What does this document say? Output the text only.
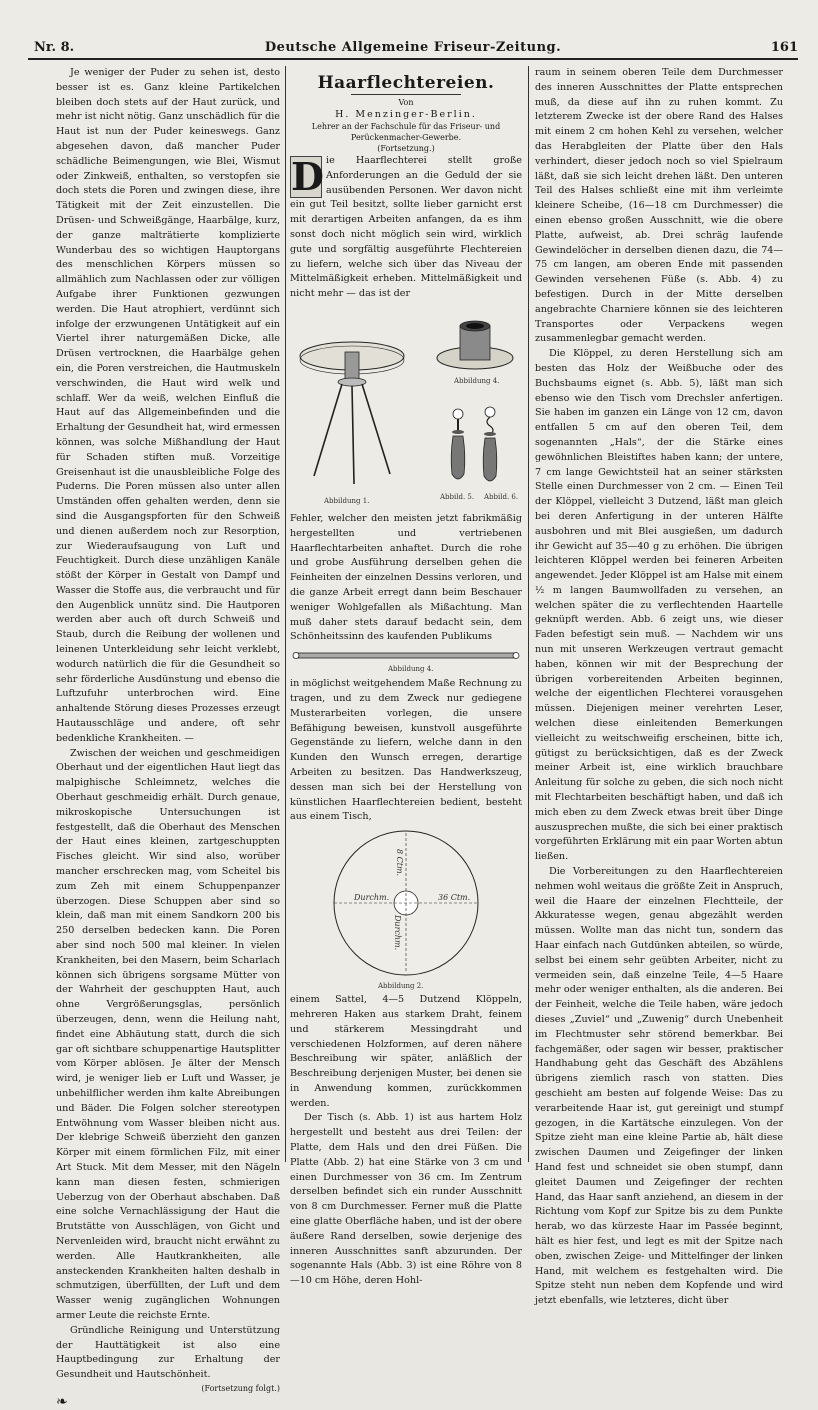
Nr. 8.	Deutsche Allgemeine Friseur-Zeitung.	161

Je weniger der Puder zu sehen ist, desto besser ist es. Ganz kleine Partikelchen bleiben doch stets auf der Haut zurück, und mehr ist nicht nötig. Ganz unschädlich für die Haut ist nun der Puder keineswegs. Ganz abgesehen davon, daß mancher Puder schädliche Beimengungen, wie Blei, Wismut oder Zinkweiß, enthalten, so verstopfen sie doch stets die Poren und zwingen diese, ihre Tätigkeit mit der Zeit einzustellen. Die Drüsen- und Schweißgänge, Haarbälge, kurz, der ganze malträtierte komplizierte Wunderbau des so wichtigen Hauptorgans des menschlichen Körpers müssen so allmählich zum Nachlassen oder zur völligen Aufgabe ihrer Funktionen gezwungen werden. Die Haut atrophiert, verdünnt sich infolge der erzwungenen Untätigkeit auf ein Viertel ihrer naturgemäßen Dicke, alle Drüsen vertrocknen, die Haarbälge gehen ein, die Poren verstreichen, die Hautmuskeln verschwinden, die Haut wird welk und schlaff. Wer da weiß, welchen Einfluß die Haut auf das Allgemeinbefinden und die Erhaltung der Gesundheit hat, wird ermessen können, was solche Mißhandlung der Haut für Schaden stiften muß. Vorzeitige Greisenhaut ist die unausbleibliche Folge des Puderns. Die Poren müssen also unter allen Umständen offen gehalten werden, denn sie sind die Ausgangspforten für den Schweiß und dienen außerdem noch zur Resorption, zur Wiederaufsaugung von Luft und Feuchtigkeit. Durch diese unzähligen Kanäle stößt der Körper in Gestalt von Dampf und Wasser die Stoffe aus, die verbraucht und für den Augenblick unnütz sind. Die Hautporen werden aber auch oft durch Schweiß und Staub, durch die Reibung der wollenen und leinenen Unterkleidung sehr leicht verklebt, wodurch natürlich die für die Gesundheit so sehr förderliche Ausdünstung und ebenso die Luftzufuhr unterbrochen wird. Eine anhaltende Störung dieses Prozesses erzeugt Hautausschläge und andere, oft sehr bedenkliche Krankheiten. —

Zwischen der weichen und geschmeidigen Oberhaut und der eigentlichen Haut liegt das malpighische Schleimnetz, welches die Oberhaut geschmeidig erhält. Durch genaue, mikroskopische Untersuchungen ist festgestellt, daß die Oberhaut des Menschen der Haut eines kleinen, zartgeschuppten Fisches gleicht. Wir sind also, worüber mancher erschrecken mag, vom Scheitel bis zum Zeh mit einem Schuppenpanzer überzogen. Diese Schuppen aber sind so klein, daß man mit einem Sandkorn 200 bis 250 derselben bedecken kann. Die Poren aber sind noch 500 mal kleiner. In vielen Krankheiten, bei den Masern, beim Scharlach können sich übrigens sorgsame Mütter von der Wahrheit der geschuppten Haut, auch ohne Vergrößerungsglas, persönlich überzeugen, denn, wenn die Heilung naht, findet eine Abhäutung statt, durch die sich gar oft sichtbare schuppenartige Hautsplitter vom Körper ablösen. Je älter der Mensch wird, je weniger lieb er Luft und Wasser, je unbehilflicher werden ihm kalte Abreibungen und Bäder. Die Folgen solcher stereotypen Entwöhnung vom Wasser bleiben nicht aus. Der klebrige Schweiß überzieht den ganzen Körper mit einem förmlichen Filz, mit einer Art Stuck. Mit dem Messer, mit den Nägeln kann man diesen festen, schmierigen Ueberzug von der Oberhaut abschaben. Daß eine solche Vernachlässigung der Haut die Brutstätte von Ausschlägen, von Gicht und Nervenleiden wird, braucht nicht erwähnt zu werden. Alle Hautkrankheiten, alle ansteckenden Krankheiten halten deshalb in schmutzigen, überfüllten, der Luft und dem Wasser wenig zugänglichen Wohnungen armer Leute die reichste Ernte.

Gründliche Reinigung und Unterstützung der Hauttätigkeit ist also eine Hauptbedingung zur Erhaltung der Gesundheit und Hautschönheit.

(Fortsetzung folgt.)

❧

Haarflechtereien.

Von

H. Menzinger-Berlin.

Lehrer an der Fachschule für das Friseur- und Perückenmacher-Gewerbe.

(Fortsetzung.)

D ie Haarflechterei stellt große Anforderungen an die Geduld der sie ausübenden Personen. Wer davon nicht ein gut Teil besitzt, sollte lieber garnicht erst mit derartigen Arbeiten anfangen, da es ihm sonst doch nicht möglich sein wird, wirklich gute und sorgfältig ausgeführte Flechtereien zu liefern, welche sich über das Niveau der Mittelmäßigkeit erheben. Mittelmäßigkeit und nicht mehr — das ist der

Abbildung 1.
Abbildung 4.
Abbild. 5. Abbild. 6.

Fehler, welcher den meisten jetzt fabrikmäßig hergestellten und vertriebenen Haarflechtarbeiten anhaftet. Durch die rohe und grobe Ausführung derselben gehen die Feinheiten der einzelnen Dessins verloren, und die ganze Arbeit erregt dann beim Beschauer weniger Wohlgefallen als Mißachtung. Man muß daher stets darauf bedacht sein, dem Schönheitssinn des kaufenden Publikums

Abbildung 4.

in möglichst weitgehendem Maße Rechnung zu tragen, und zu dem Zweck nur gediegene Musterarbeiten vorlegen, die unsere Befähigung beweisen, kunstvoll ausgeführte Gegenstände zu liefern, welche dann in den Kunden den Wunsch erregen, derartige Arbeiten zu besitzen. Das Handwerkszeug, dessen man sich bei der Herstellung von künstlichen Haarflechtereien bedient, besteht aus einem Tisch,

Durchm.	36 Ctm.
8 Ctm.
Durchm.
Abbildung 2.

einem Sattel, 4—5 Dutzend Klöppeln, mehreren Haken aus starkem Draht, feinem und stärkerem Messingdraht und verschiedenen Holzformen, auf deren nähere Beschreibung wir später, anläßlich der Beschreibung derjenigen Muster, bei denen sie in Anwendung kommen, zurückkommen werden.

Der Tisch (s. Abb. 1) ist aus hartem Holz hergestellt und besteht aus drei Teilen: der Platte, dem Hals und den drei Füßen. Die Platte (Abb. 2) hat eine Stärke von 3 cm und einen Durchmesser von 36 cm. Im Zentrum derselben befindet sich ein runder Ausschnitt von 8 cm Durchmesser. Ferner muß die Platte eine glatte Oberfläche haben, und ist der obere äußere Rand derselben, sowie derjenige des inneren Ausschnittes sanft abzurunden. Der sogenannte Hals (Abb. 3) ist eine Röhre von 8—10 cm Höhe, deren Hohl-

raum in seinem oberen Teile dem Durchmesser des inneren Ausschnittes der Platte entsprechen muß, da diese auf ihn zu ruhen kommt. Zu letzterem Zwecke ist der obere Rand des Halses mit einem 2 cm hohen Kehl zu versehen, welcher das Herabgleiten der Platte über den Hals verhindert, dieser jedoch noch so viel Spielraum läßt, daß sie sich leicht drehen läßt. Den unteren Teil des Halses schließt eine mit ihm verleimte kleinere Scheibe, (16—18 cm Durchmesser) die einen ebenso großen Ausschnitt, wie die obere Platte, aufweist, ab. Drei schräg laufende Gewindelöcher in derselben dienen dazu, die 74—75 cm langen, am oberen Ende mit passenden Gewinden versehenen Füße (s. Abb. 4) zu befestigen. Durch in der Mitte derselben angebrachte Charniere können sie des leichteren Transportes oder Verpackens wegen zusammenlegbar gemacht werden.

Die Klöppel, zu deren Herstellung sich am besten das Holz der Weißbuche oder des Buchsbaums eignet (s. Abb. 5), läßt man sich ebenso wie den Tisch vom Drechsler anfertigen. Sie haben im ganzen ein Länge von 12 cm, davon entfallen 5 cm auf den oberen Teil, dem sogenannten „Hals“, der die Stärke eines gewöhnlichen Bleistiftes haben kann; der untere, 7 cm lange Gewichtsteil hat an seiner stärksten Stelle einen Durchmesser von 2 cm. — Einen Teil der Klöppel, vielleicht 3 Dutzend, läßt man gleich bei deren Anfertigung in der unteren Hälfte ausbohren und mit Blei ausgießen, um dadurch ihr Gewicht auf 35—40 g zu erhöhen. Die übrigen leichteren Klöppel werden bei feineren Arbeiten angewendet. Jeder Klöppel ist am Halse mit einem ½ m langen Baumwollfaden zu versehen, an welchen später die zu verflechtenden Haartelle geknüpft werden. Abb. 6 zeigt uns, wie dieser Faden befestigt sein muß. — Nachdem wir uns nun mit unseren Werkzeugen vertraut gemacht haben, können wir mit der Besprechung der übrigen vorbereitenden Arbeiten beginnen, welche der eigentlichen Flechterei vorausgehen müssen. Diejenigen meiner verehrten Leser, welchen diese einleitenden Bemerkungen vielleicht zu weitschweifig erscheinen, bitte ich, gütigst zu berücksichtigen, daß es der Zweck meiner Arbeit ist, eine wirklich brauchbare Anleitung für solche zu geben, die sich noch nicht mit Flechtarbeiten beschäftigt haben, und daß ich mich eben zu dem Zweck etwas breit über Dinge auszusprechen mußte, die sich bei einer praktisch vorgeführten Erklärung mit ein paar Worten abtun ließen.

Die Vorbereitungen zu den Haarflechtereien nehmen wohl weitaus die größte Zeit in Anspruch, weil die Haare der einzelnen Flechtteile, der Akkuratesse wegen, genau abgezählt werden müssen. Wollte man das nicht tun, sondern das Haar einfach nach Gutdünken abteilen, so würde, selbst bei einem sehr geübten Arbeiter, nicht zu vermeiden sein, daß einzelne Teile, 4—5 Haare mehr oder weniger enthalten, als die anderen. Bei der Feinheit, welche die Teile haben, wäre jedoch dieses „Zuviel“ und „Zuwenig“ durch Unebenheit im Flechtmuster sehr störend bemerkbar. Bei fachgemäßer, oder sagen wir besser, praktischer Handhabung geht das Geschäft des Abzählens übrigens ziemlich rasch von statten. Dies geschieht am besten auf folgende Weise: Das zu verarbeitende Haar ist, gut gereinigt und stumpf gezogen, in die Kartätsche einzulegen. Von der Spitze zieht man eine kleine Partie ab, hält diese zwischen Daumen und Zeigefinger der linken Hand fest und schneidet sie oben stumpf, dann gleitet Daumen und Zeigefinger der rechten Hand, das Haar sanft anziehend, an diesem in der Richtung vom Kopf zur Spitze bis zu dem Punkte herab, wo das kürzeste Haar im Passée beginnt, hält es hier fest, und legt es mit der Spitze nach oben, zwischen Zeige- und Mittelfinger der linken Hand, mit welchem es festgehalten wird. Die Spitze steht nun neben dem Kopfende und wird jetzt ebenfalls, wie letzteres, dicht über
